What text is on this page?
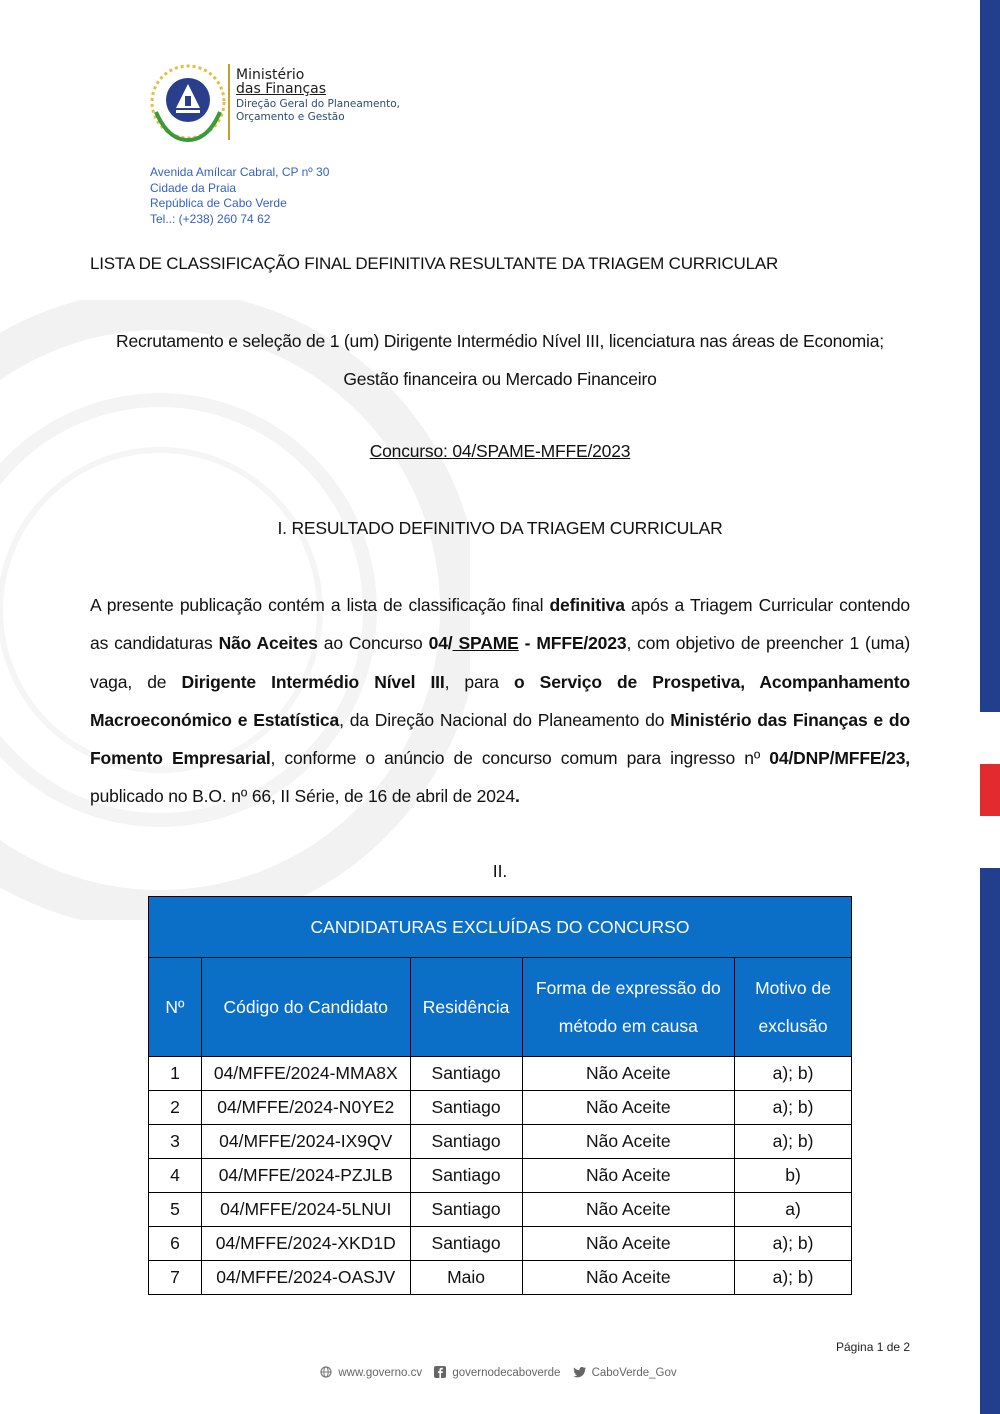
Ministério
das Finanças
Direção Geral do Planeamento,
Orçamento e Gestão
Avenida Amílcar Cabral, CP nº 30
Cidade da Praia
República de Cabo Verde
Tel..: (+238) 260 74 62
LISTA DE CLASSIFICAÇÃO FINAL DEFINITIVA RESULTANTE DA TRIAGEM CURRICULAR
Recrutamento e seleção de 1 (um) Dirigente Intermédio Nível III, licenciatura nas áreas de Economia; Gestão financeira ou Mercado Financeiro
Concurso: 04/SPAME-MFFE/2023
I. RESULTADO DEFINITIVO DA TRIAGEM CURRICULAR
A presente publicação contém a lista de classificação final definitiva após a Triagem Curricular contendo as candidaturas Não Aceites ao Concurso 04/ SPAME - MFFE/2023, com objetivo de preencher 1 (uma) vaga, de Dirigente Intermédio Nível III, para o Serviço de Prospetiva, Acompanhamento Macroeconómico e Estatística, da Direção Nacional do Planeamento do Ministério das Finanças e do Fomento Empresarial, conforme o anúncio de concurso comum para ingresso nº 04/DNP/MFFE/23, publicado no B.O. nº 66, II Série, de 16 de abril de 2024.
II.
CANDIDATURAS EXCLUÍDAS DO CONCURSO				
Nº	Código do Candidato	Residência	Forma de expressão do método em causa	Motivo de exclusão
1	04/MFFE/2024-MMA8X	Santiago	Não Aceite	a); b)
2	04/MFFE/2024-N0YE2	Santiago	Não Aceite	a); b)
3	04/MFFE/2024-IX9QV	Santiago	Não Aceite	a); b)
4	04/MFFE/2024-PZJLB	Santiago	Não Aceite	b)
5	04/MFFE/2024-5LNUI	Santiago	Não Aceite	a)
6	04/MFFE/2024-XKD1D	Santiago	Não Aceite	a); b)
7	04/MFFE/2024-OASJV	Maio	Não Aceite	a); b)
Página 1 de 2
www.governo.cv	governodecaboverde	CaboVerde_Gov
